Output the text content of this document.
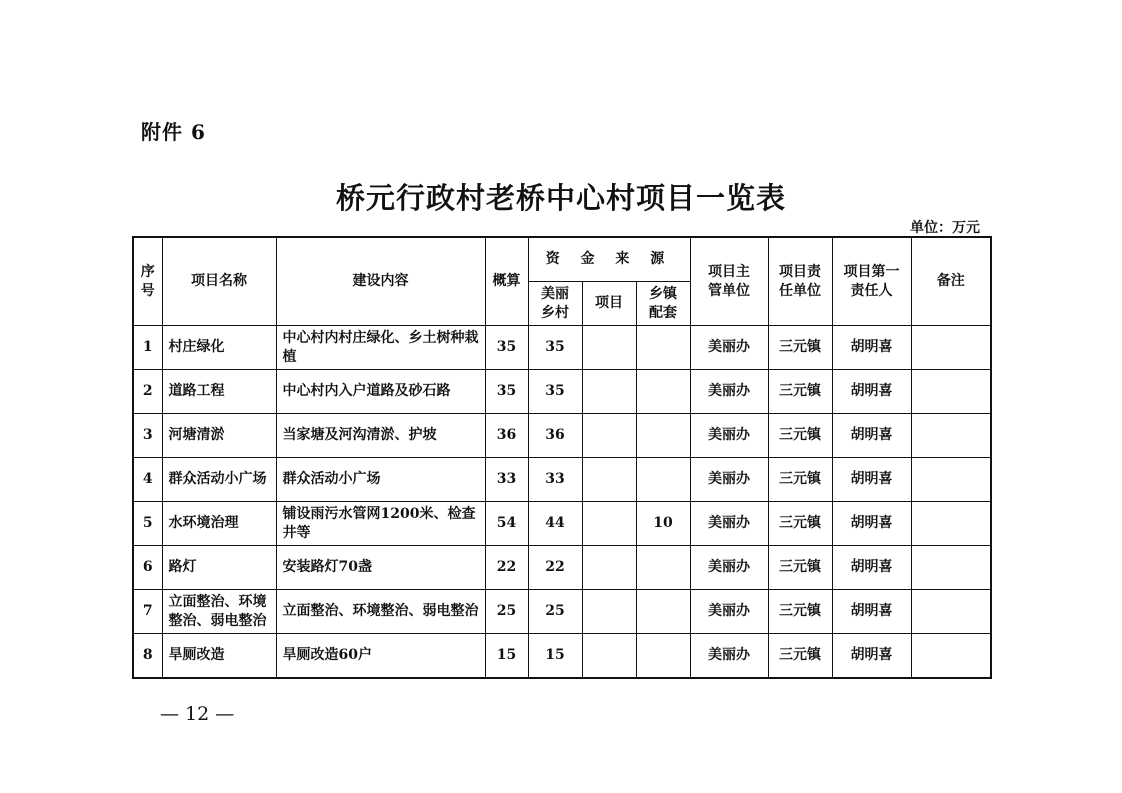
附件 6
桥元行政村老桥中心村项目一览表
单位：万元
序号	项目名称	建设内容	概算	资 金 来 源			项目主管单位	项目责任单位	项目第一责任人	备注
				美丽乡村	项目	乡镇配套				
1	村庄绿化	中心村内村庄绿化、乡土树种栽植	35	35			美丽办	三元镇	胡明喜	
2	道路工程	中心村内入户道路及砂石路	35	35			美丽办	三元镇	胡明喜	
3	河塘清淤	当家塘及河沟清淤、护坡	36	36			美丽办	三元镇	胡明喜	
4	群众活动小广场	群众活动小广场	33	33			美丽办	三元镇	胡明喜	
5	水环境治理	铺设雨污水管网1200米、检查井等	54	44		10	美丽办	三元镇	胡明喜	
6	路灯	安装路灯70盏	22	22			美丽办	三元镇	胡明喜	
7	立面整治、环境整治、弱电整治	立面整治、环境整治、弱电整治	25	25			美丽办	三元镇	胡明喜	
8	旱厕改造	旱厕改造60户	15	15			美丽办	三元镇	胡明喜	
— 12 —
